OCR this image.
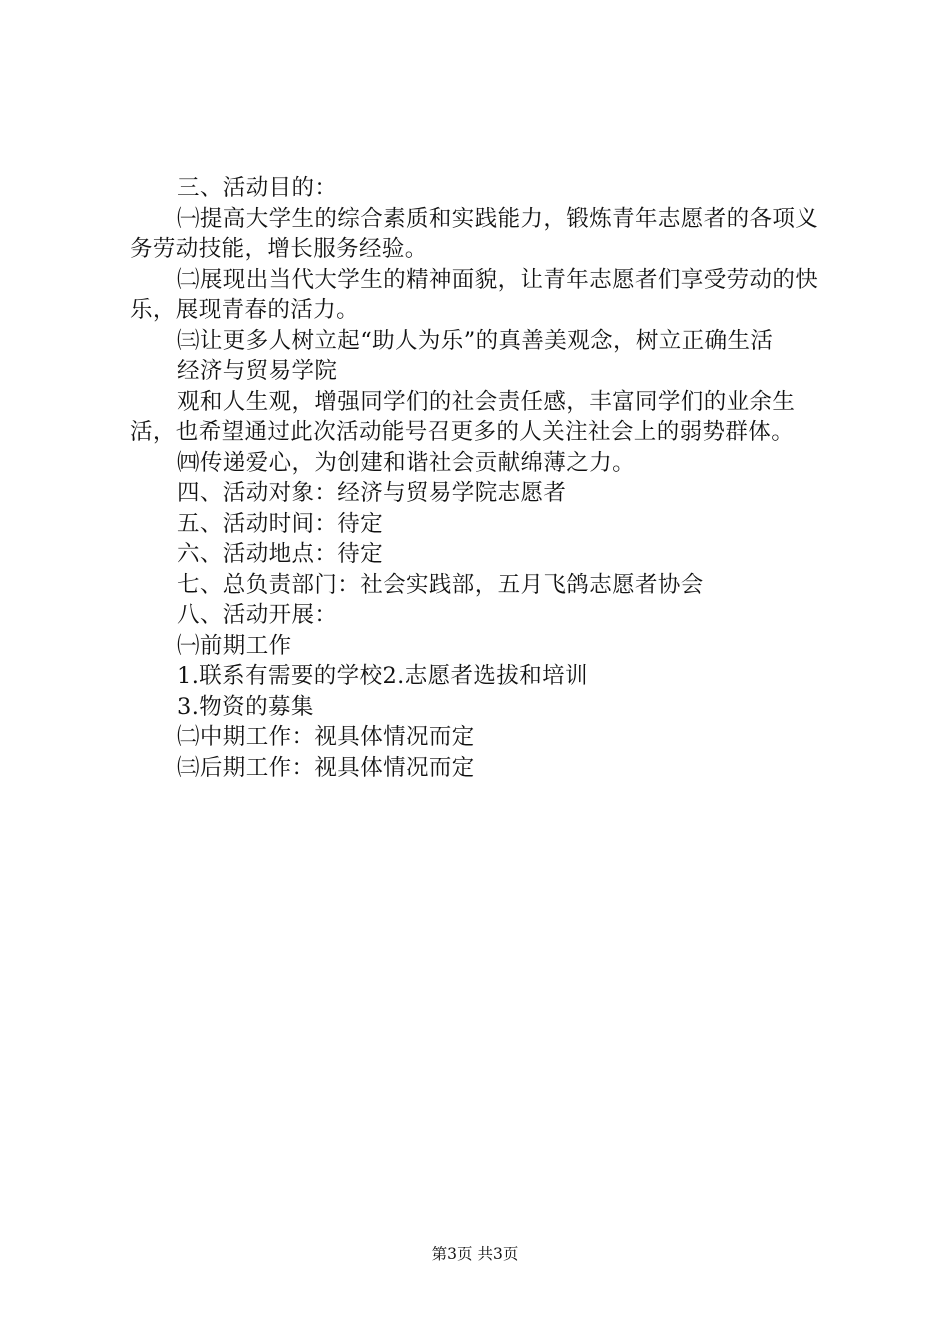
三、活动目的：

㈠提高大学生的综合素质和实践能力，锻炼青年志愿者的各项义务劳动技能，增长服务经验。

㈡展现出当代大学生的精神面貌，让青年志愿者们享受劳动的快乐，展现青春的活力。

㈢让更多人树立起“助人为乐”的真善美观念，树立正确生活

经济与贸易学院

观和人生观，增强同学们的社会责任感，丰富同学们的业余生活，也希望通过此次活动能号召更多的人关注社会上的弱势群体。

㈣传递爱心，为创建和谐社会贡献绵薄之力。

四、活动对象：经济与贸易学院志愿者

五、活动时间：待定

六、活动地点：待定

七、总负责部门：社会实践部，五月飞鸽志愿者协会

八、活动开展：

㈠前期工作

1.联系有需要的学校2.志愿者选拔和培训

3.物资的募集

㈡中期工作：视具体情况而定

㈢后期工作：视具体情况而定

第3页 共3页
